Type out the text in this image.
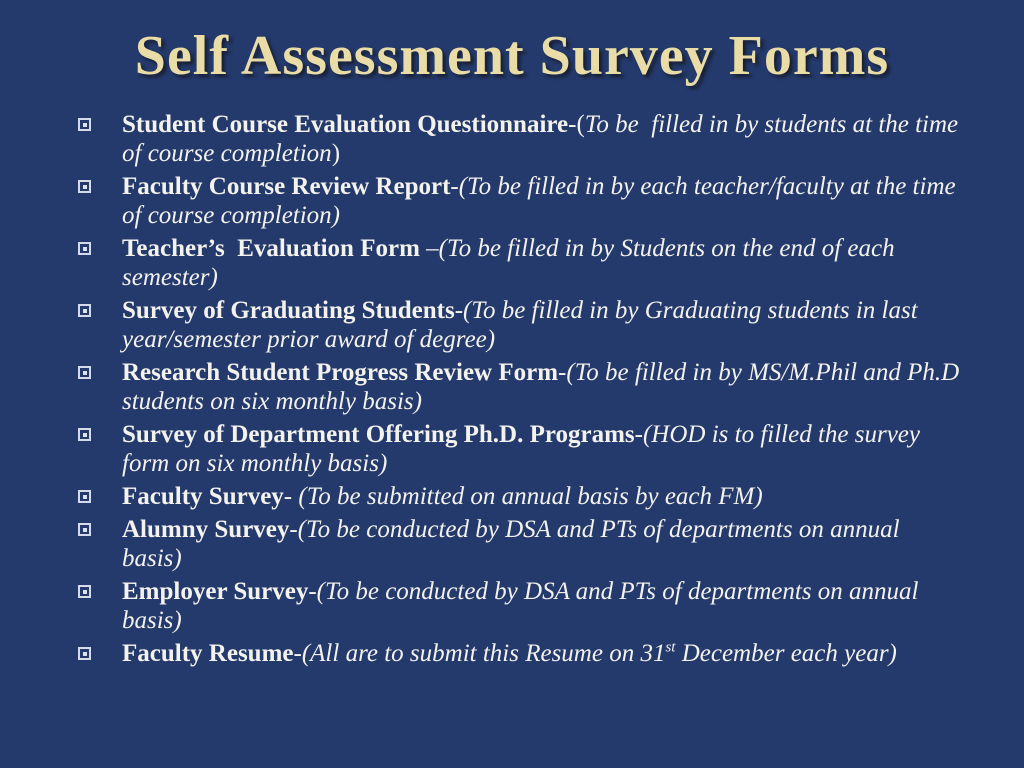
Self Assessment Survey Forms
Student Course Evaluation Questionnaire-(To be  filled in by students at the time of course completion)
Faculty Course Review Report-(To be filled in by each teacher/faculty at the time of course completion)
Teacher’s  Evaluation Form –(To be filled in by Students on the end of each semester)
Survey of Graduating Students-(To be filled in by Graduating students in last year/semester prior award of degree)
Research Student Progress Review Form-(To be filled in by MS/M.Phil and Ph.D students on six monthly basis)
Survey of Department Offering Ph.D. Programs-(HOD is to filled the survey form on six monthly basis)
Faculty Survey- (To be submitted on annual basis by each FM)
Alumny Survey-(To be conducted by DSA and PTs of departments on annual basis)
Employer Survey-(To be conducted by DSA and PTs of departments on annual basis)
Faculty Resume-(All are to submit this Resume on 31st December each year)
